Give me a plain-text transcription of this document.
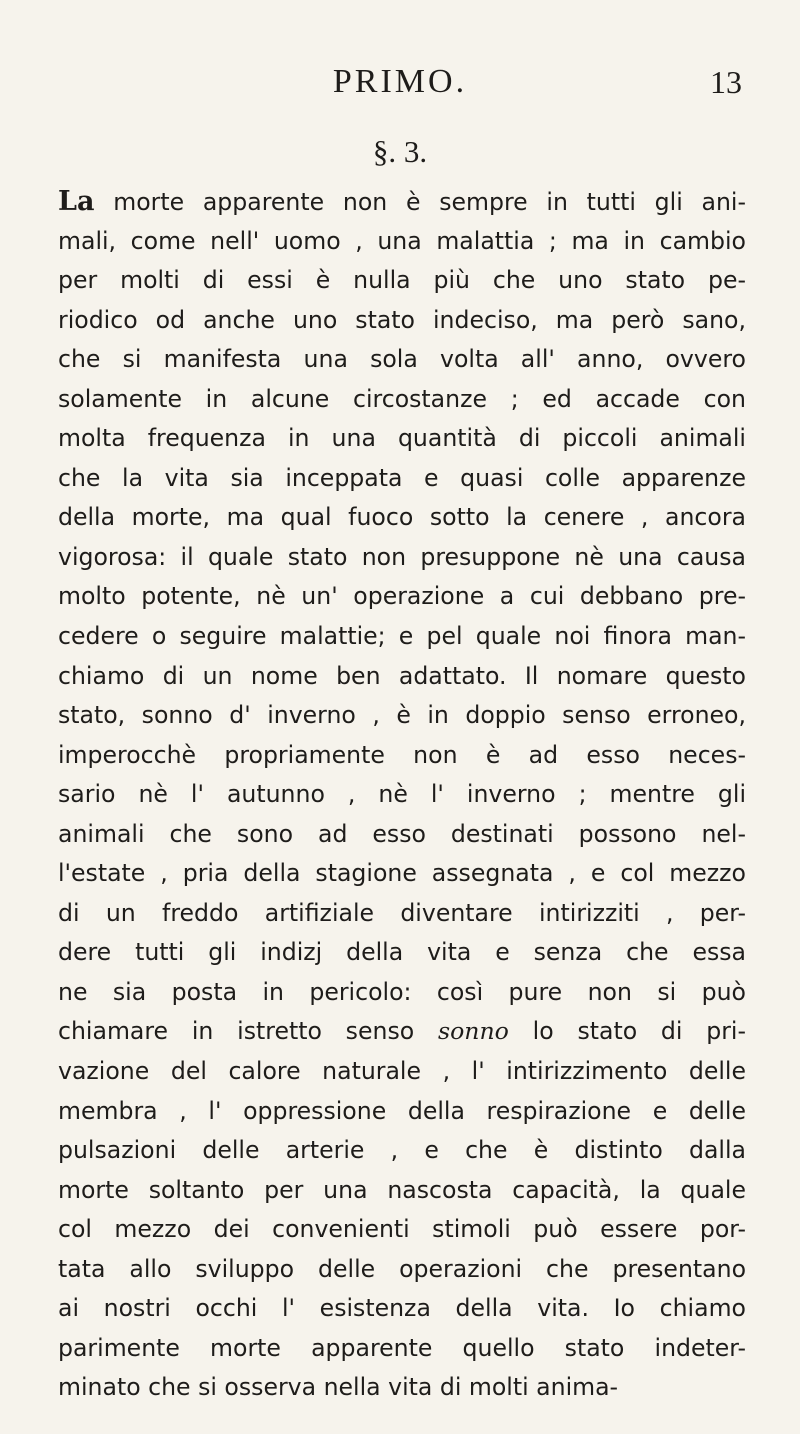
PRIMO.	13
§. 3.
La morte apparente non è sempre in tutti gli ani-
mali, come nell' uomo , una malattia ; ma in cambio
per molti di essi è nulla più che uno stato pe-
riodico od anche uno stato indeciso, ma però sano,
che si manifesta una sola volta all' anno, ovvero
solamente in alcune circostanze ; ed accade con
molta frequenza in una quantità di piccoli animali
che la vita sia inceppata e quasi colle apparenze
della morte, ma qual fuoco sotto la cenere , ancora
vigorosa: il quale stato non presuppone nè una causa
molto potente, nè un' operazione a cui debbano pre-
cedere o seguire malattie; e pel quale noi finora man-
chiamo di un nome ben adattato. Il nomare questo
stato, sonno d' inverno , è in doppio senso erroneo,
imperocchè propriamente non è ad esso neces-
sario nè l' autunno , nè l' inverno ; mentre gli
animali che sono ad esso destinati possono nel-
l'estate , pria della stagione assegnata , e col mezzo
di un freddo artifiziale diventare intirizziti , per-
dere tutti gli indizj della vita e senza che essa
ne sia posta in pericolo: così pure non si può
chiamare in istretto senso sonno lo stato di pri-
vazione del calore naturale , l' intirizzimento delle
membra , l' oppressione della respirazione e delle
pulsazioni delle arterie , e che è distinto dalla
morte soltanto per una nascosta capacità, la quale
col mezzo dei convenienti stimoli può essere por-
tata allo sviluppo delle operazioni che presentano
ai nostri occhi l' esistenza della vita. Io chiamo
parimente morte apparente quello stato indeter-
minato che si osserva nella vita di molti anima-
